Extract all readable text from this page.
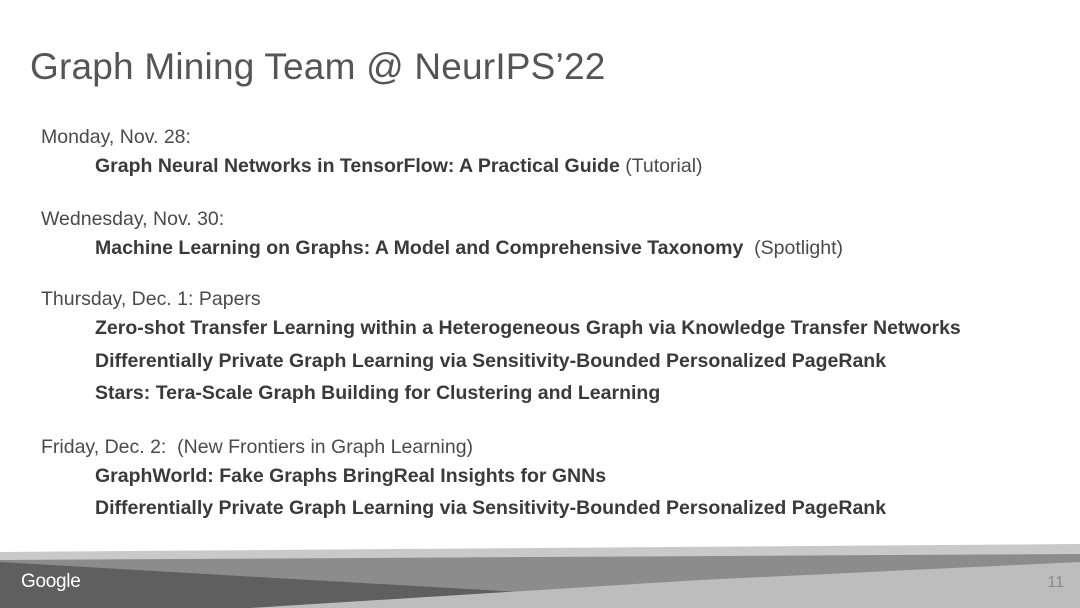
Graph Mining Team @ NeurIPS’22
Monday, Nov. 28:
Graph Neural Networks in TensorFlow: A Practical Guide (Tutorial)
Wednesday, Nov. 30:
Machine Learning on Graphs: A Model and Comprehensive Taxonomy  (Spotlight)
Thursday, Dec. 1: Papers
Zero-shot Transfer Learning within a Heterogeneous Graph via Knowledge Transfer Networks
Differentially Private Graph Learning via Sensitivity-Bounded Personalized PageRank
Stars: Tera-Scale Graph Building for Clustering and Learning
Friday, Dec. 2:  (New Frontiers in Graph Learning)
GraphWorld: Fake Graphs BringReal Insights for GNNs
Differentially Private Graph Learning via Sensitivity-Bounded Personalized PageRank
Google	11
